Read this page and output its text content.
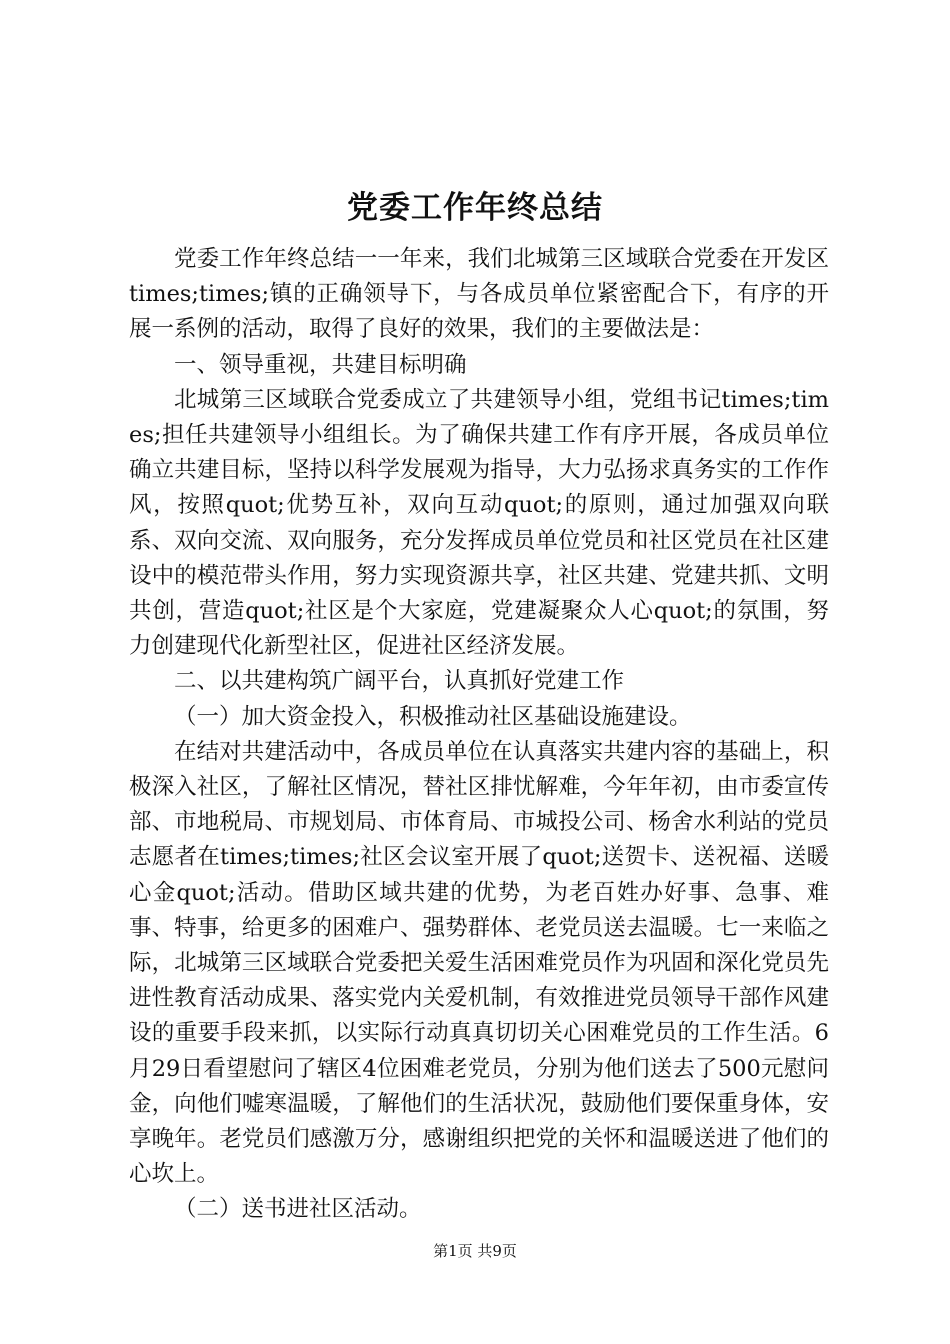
党委工作年终总结

党委工作年终总结一一年来，我们北城第三区域联合党委在开发区times;times;镇的正确领导下，与各成员单位紧密配合下，有序的开展一系例的活动，取得了良好的效果，我们的主要做法是：

一、领导重视，共建目标明确

北城第三区域联合党委成立了共建领导小组，党组书记times;times;担任共建领导小组组长。为了确保共建工作有序开展，各成员单位确立共建目标，坚持以科学发展观为指导，大力弘扬求真务实的工作作风，按照quot;优势互补，双向互动quot;的原则，通过加强双向联系、双向交流、双向服务，充分发挥成员单位党员和社区党员在社区建设中的模范带头作用，努力实现资源共享，社区共建、党建共抓、文明共创，营造quot;社区是个大家庭，党建凝聚众人心quot;的氛围，努力创建现代化新型社区，促进社区经济发展。

二、以共建构筑广阔平台，认真抓好党建工作

（一）加大资金投入，积极推动社区基础设施建设。

在结对共建活动中，各成员单位在认真落实共建内容的基础上，积极深入社区，了解社区情况，替社区排忧解难，今年年初，由市委宣传部、市地税局、市规划局、市体育局、市城投公司、杨舍水利站的党员志愿者在times;times;社区会议室开展了quot;送贺卡、送祝福、送暖心金quot;活动。借助区域共建的优势，为老百姓办好事、急事、难事、特事，给更多的困难户、强势群体、老党员送去温暖。七一来临之际，北城第三区域联合党委把关爱生活困难党员作为巩固和深化党员先进性教育活动成果、落实党内关爱机制，有效推进党员领导干部作风建设的重要手段来抓，以实际行动真真切切关心困难党员的工作生活。6月29日看望慰问了辖区4位困难老党员，分别为他们送去了500元慰问金，向他们嘘寒温暖，了解他们的生活状况，鼓励他们要保重身体，安享晚年。老党员们感激万分，感谢组织把党的关怀和温暖送进了他们的心坎上。

（二）送书进社区活动。

第1页 共9页
